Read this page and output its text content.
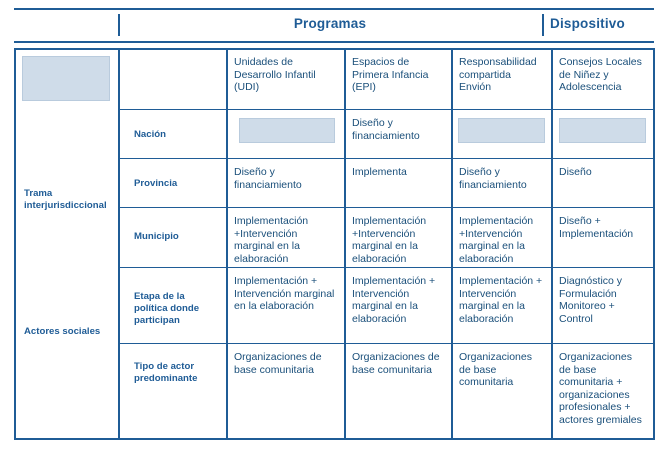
Programas	Dispositivo
Unidades de Desarrollo Infantil (UDI)
Espacios de Primera Infancia (EPI)
Responsabilidad compartida Envión
Consejos Locales de Niñez y Adolescencia
Trama interjurisdiccional
Actores sociales
Nación
Diseño y financiamiento
Provincia
Diseño y financiamiento
Implementa	Diseño y financiamiento
Diseño
Municipio
Implementación +Intervención marginal en la elaboración
Implementación +Intervención marginal en la elaboración
Implementación +Intervención marginal en la elaboración
Diseño + Implementación
Etapa de la política donde participan
Implementación + Intervención marginal en la elaboración
Implementación + Intervención marginal en la elaboración
Implementación + Intervención marginal en la elaboración
Diagnóstico y Formulación Monitoreo + Control
Tipo de actor predominante
Organizaciones de base comunitaria
Organizaciones de base comunitaria
Organizaciones de base comunitaria
Organizaciones de base comunitaria + organizaciones profesionales + actores gremiales
